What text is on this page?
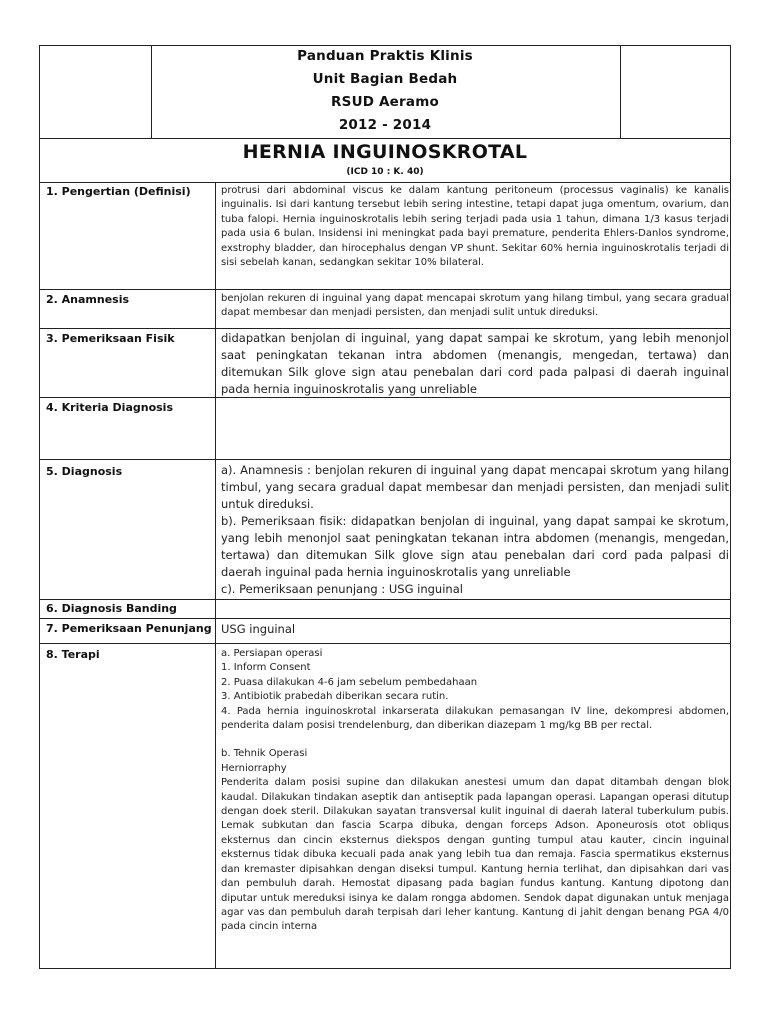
Panduan Praktis Klinis
Unit Bagian Bedah
RSUD Aeramo
2012 - 2014
HERNIA INGUINOSKROTAL
(ICD 10 : K. 40)
1. Pengertian (Definisi)	protrusi dari abdominal viscus ke dalam kantung peritoneum (processus vaginalis) ke kanalis inguinalis. Isi dari kantung tersebut lebih sering intestine, tetapi dapat juga omentum, ovarium, dan tuba falopi. Hernia inguinoskrotalis lebih sering terjadi pada usia 1 tahun, dimana 1/3 kasus terjadi pada usia 6 bulan. Insidensi ini meningkat pada bayi premature, penderita Ehlers-Danlos syndrome, exstrophy bladder, dan hirocephalus dengan VP shunt. Sekitar 60% hernia inguinoskrotalis terjadi di sisi sebelah kanan, sedangkan sekitar 10% bilateral.
2. Anamnesis	benjolan rekuren di inguinal yang dapat mencapai skrotum yang hilang timbul, yang secara gradual dapat membesar dan menjadi persisten, dan menjadi sulit untuk direduksi.
3. Pemeriksaan Fisik	didapatkan benjolan di inguinal, yang dapat sampai ke skrotum, yang lebih menonjol saat peningkatan tekanan intra abdomen (menangis, mengedan, tertawa) dan ditemukan Silk glove sign atau penebalan dari cord pada palpasi di daerah inguinal pada hernia inguinoskrotalis yang unreliable
4. Kriteria Diagnosis
5. Diagnosis	a). Anamnesis : benjolan rekuren di inguinal yang dapat mencapai skrotum yang hilang timbul, yang secara gradual dapat membesar dan menjadi persisten, dan menjadi sulit untuk direduksi.

b). Pemeriksaan fisik: didapatkan benjolan di inguinal, yang dapat sampai ke skrotum, yang lebih menonjol saat peningkatan tekanan intra abdomen (menangis, mengedan, tertawa) dan ditemukan Silk glove sign atau penebalan dari cord pada palpasi di daerah inguinal pada hernia inguinoskrotalis yang unreliable

c). Pemeriksaan penunjang : USG inguinal

6. Diagnosis Banding
7. Pemeriksaan Penunjang USG inguinal
8. Terapi	a. Persiapan operasi

1. Inform Consent

2. Puasa dilakukan 4-6 jam sebelum pembedahaan

3. Antibiotik prabedah diberikan secara rutin.

4. Pada hernia inguinoskrotal inkarserata dilakukan pemasangan IV line, dekompresi abdomen, penderita dalam posisi trendelenburg, dan diberikan diazepam 1 mg/kg BB per rectal.

b. Tehnik Operasi

Herniorraphy

Penderita dalam posisi supine dan dilakukan anestesi umum dan dapat ditambah dengan blok kaudal. Dilakukan tindakan aseptik dan antiseptik pada lapangan operasi. Lapangan operasi ditutup dengan doek steril. Dilakukan sayatan transversal kulit inguinal di daerah lateral tuberkulum pubis. Lemak subkutan dan fascia Scarpa dibuka, dengan forceps Adson. Aponeurosis otot obliqus eksternus dan cincin eksternus diekspos dengan gunting tumpul atau kauter, cincin inguinal eksternus tidak dibuka kecuali pada anak yang lebih tua dan remaja. Fascia spermatikus eksternus dan kremaster dipisahkan dengan diseksi tumpul. Kantung hernia terlihat, dan dipisahkan dari vas dan pembuluh darah. Hemostat dipasang pada bagian fundus kantung. Kantung dipotong dan diputar untuk mereduksi isinya ke dalam rongga abdomen. Sendok dapat digunakan untuk menjaga agar vas dan pembuluh darah terpisah dari leher kantung. Kantung di jahit dengan benang PGA 4/0 pada cincin interna
